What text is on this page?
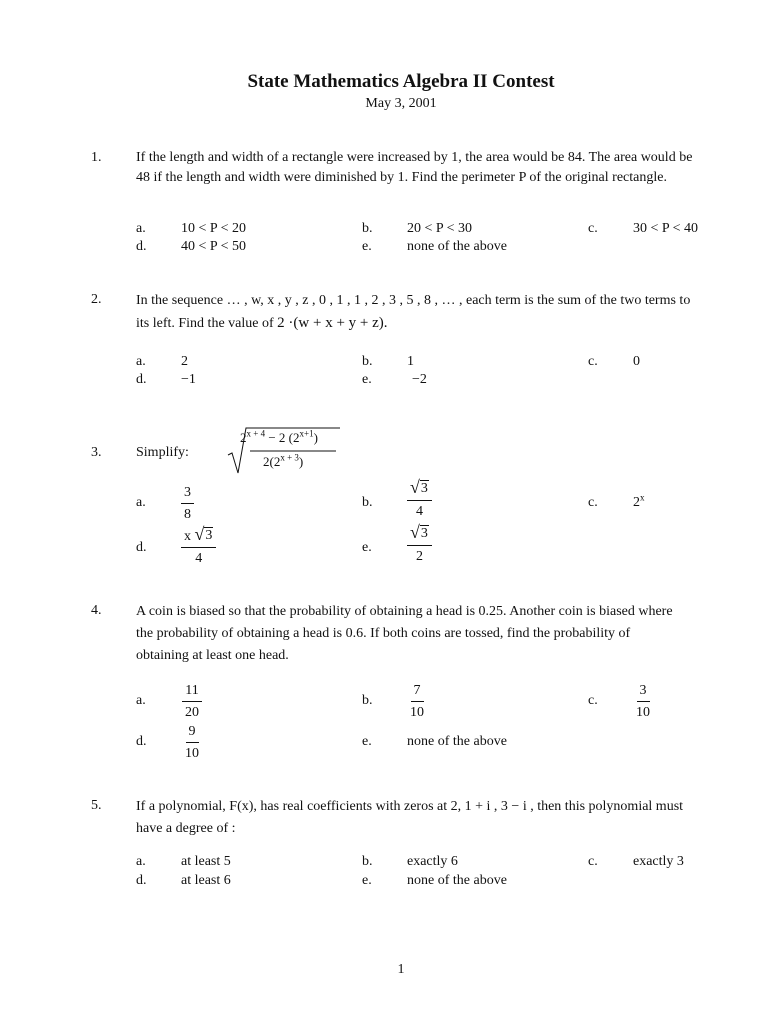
State Mathematics Algebra II Contest
May 3, 2001
1. If the length and width of a rectangle were increased by 1, the area would be 84. The area would be 48 if the length and width were diminished by 1. Find the perimeter P of the original rectangle.
a.	10 < P < 20	b. 20 < P < 30	c.	30 < P < 40
d. 40 < P < 50	e.	none of the above
2. In the sequence … , w, x , y , z , 0 , 1 , 1 , 2 , 3 , 5 , 8 , … , each term is the sum of the two terms to
its left. Find the value of 2 ·(w + x + y + z).
a.	2	b. 1	c.	0
d. −1	e.	−2
3. Simplify:
$2^{x + 4} - 2$ $(2^{x+1})$
$2(2^{x + 3})$
a.	$\frac{3}{8}$	b. $\frac{√ 3}{4}$	c.	2$^x$
d. $\frac{x √ 3}{4}$	e. $\frac{√ 3}{2}$
4. A coin is biased so that the probability of obtaining a head is 0.25. Another coin is biased where the probability of obtaining a head is 0.6. If both coins are tossed, find the probability of obtaining at least one head.
a.	$\frac{11}{20}$	b. $\frac{7}{10}$	c.	$\frac{3}{10}$
d.	$\frac{9}{10}$	e.	none of the above
5. If a polynomial, F(x), has real coefficients with zeros at 2, 1 + i , 3 − i , then this polynomial must have a degree of :
a.	at least 5	b. exactly 6	c.	exactly 3
d. at least 6	e.	none of the above
1
